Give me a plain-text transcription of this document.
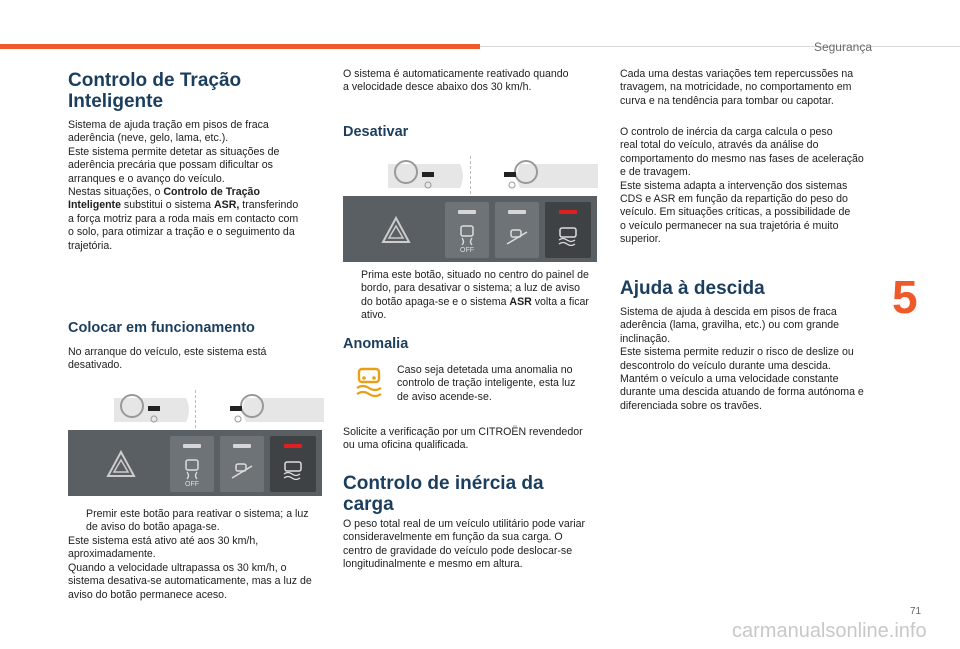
Segurança
5
71
carmanualsonline.info
Controlo de Tração
Inteligente
Sistema de ajuda tração em pisos de fraca
aderência (neve, gelo, lama, etc.).
Este sistema permite detetar as situações de
aderência precária que possam dificultar os
arranques e o avanço do veículo.
Nestas situações, o Controlo de Tração
Inteligente substitui o sistema ASR, transferindo
a força motriz para a roda mais em contacto com
o solo, para otimizar a tração e o seguimento da
trajetória.
Colocar em funcionamento
No arranque do veículo, este sistema está
desativado.
OFF
Premir este botão para reativar o sistema; a luz
de aviso do botão apaga-se.
Este sistema está ativo até aos 30 km/h,
aproximadamente.
Quando a velocidade ultrapassa os 30 km/h, o
sistema desativa-se automaticamente, mas a luz de
aviso do botão permanece aceso.
O sistema é automaticamente reativado quando
a velocidade desce abaixo dos 30 km/h.
Desativar
OFF
Prima este botão, situado no centro do painel de
bordo, para desativar o sistema; a luz de aviso
do botão apaga-se e o sistema ASR volta a ficar
ativo.
Anomalia
Caso seja detetada uma anomalia no
controlo de tração inteligente, esta luz
de aviso acende-se.
Solicite a verificação por um CITROËN revendedor
ou uma oficina qualificada.
Controlo de inércia da
carga
O peso total real de um veículo utilitário pode variar
consideravelmente em função da sua carga. O
centro de gravidade do veículo pode deslocar-se
longitudinalmente e mesmo em altura.
Cada uma destas variações tem repercussões na
travagem, na motricidade, no comportamento em
curva e na tendência para tombar ou capotar.
O controlo de inércia da carga calcula o peso
real total do veículo, através da análise do
comportamento do mesmo nas fases de aceleração
e de travagem.
Este sistema adapta a intervenção dos sistemas
CDS e ASR em função da repartição do peso do
veículo. Em situações críticas, a possibilidade de
o veículo permanecer na sua trajetória é muito
superior.
Ajuda à descida
Sistema de ajuda à descida em pisos de fraca
aderência (lama, gravilha, etc.) ou com grande
inclinação.
Este sistema permite reduzir o risco de deslize ou
descontrolo do veículo durante uma descida.
Mantém o veículo a uma velocidade constante
durante uma descida atuando de forma autónoma e
diferenciada sobre os travões.
